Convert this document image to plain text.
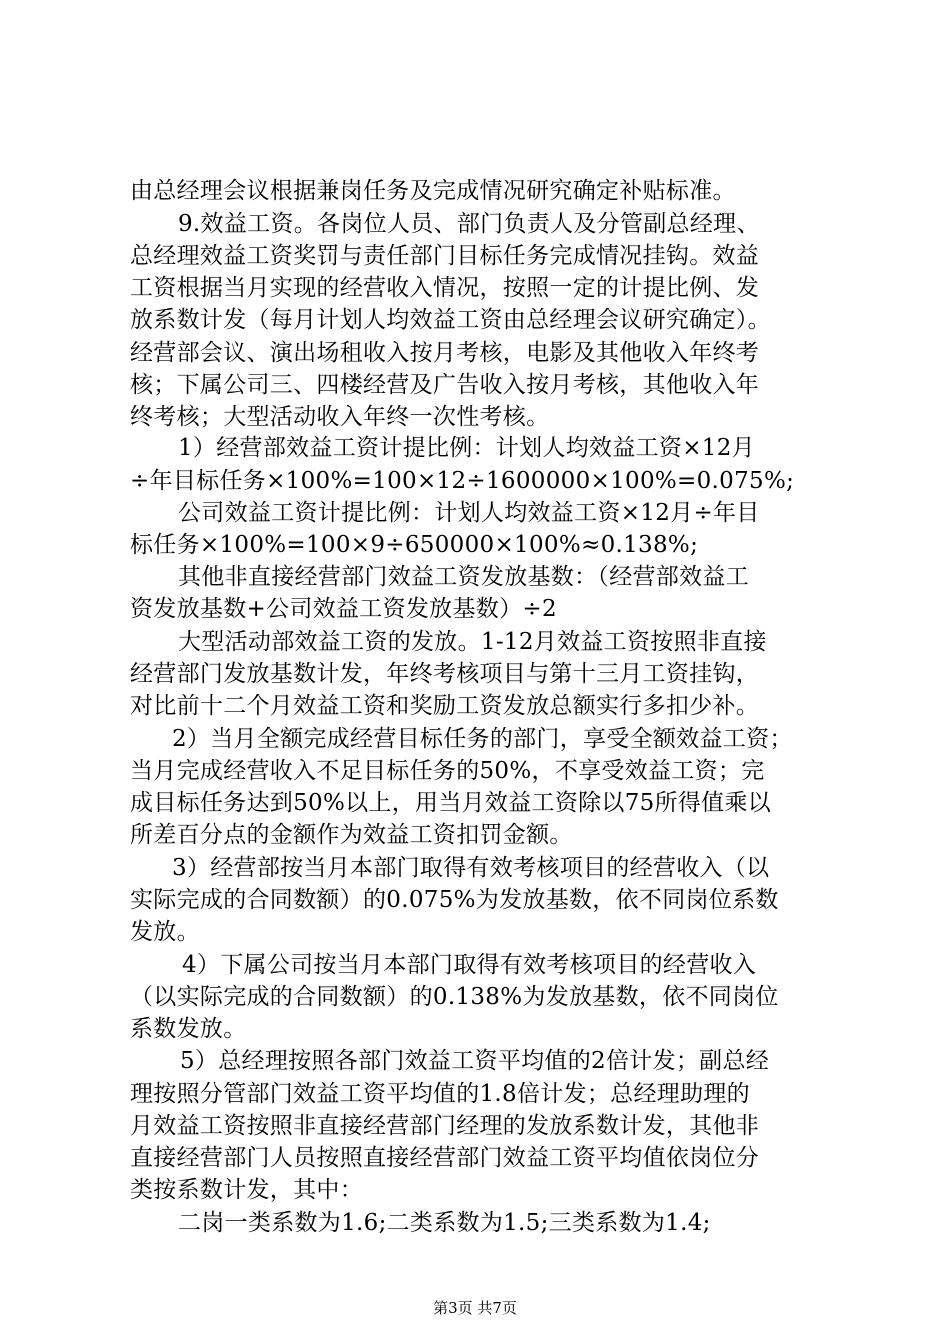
由总经理会议根据兼岗任务及完成情况研究确定补贴标准。
9.效益工资。各岗位人员、部门负责人及分管副总经理、
总经理效益工资奖罚与责任部门目标任务完成情况挂钩。效益
工资根据当月实现的经营收入情况，按照一定的计提比例、发
放系数计发（每月计划人均效益工资由总经理会议研究确定）。
经营部会议、演出场租收入按月考核，电影及其他收入年终考
核；下属公司三、四楼经营及广告收入按月考核，其他收入年
终考核；大型活动收入年终一次性考核。
1）经营部效益工资计提比例：计划人均效益工资×12月
÷年目标任务×100%=100×12÷1600000×100%=0.075%;
公司效益工资计提比例：计划人均效益工资×12月÷年目
标任务×100%=100×9÷650000×100%≈0.138%;
其他非直接经营部门效益工资发放基数：（经营部效益工
资发放基数+公司效益工资发放基数）÷2
大型活动部效益工资的发放。1-12月效益工资按照非直接
经营部门发放基数计发，年终考核项目与第十三月工资挂钩，
对比前十二个月效益工资和奖励工资发放总额实行多扣少补。
2）当月全额完成经营目标任务的部门，享受全额效益工资；
当月完成经营收入不足目标任务的50%，不享受效益工资；完
成目标任务达到50%以上，用当月效益工资除以75所得值乘以
所差百分点的金额作为效益工资扣罚金额。
3）经营部按当月本部门取得有效考核项目的经营收入（以
实际完成的合同数额）的0.075%为发放基数，依不同岗位系数
发放。
4）下属公司按当月本部门取得有效考核项目的经营收入
（以实际完成的合同数额）的0.138%为发放基数，依不同岗位
系数发放。
5）总经理按照各部门效益工资平均值的2倍计发；副总经
理按照分管部门效益工资平均值的1.8倍计发；总经理助理的
月效益工资按照非直接经营部门经理的发放系数计发，其他非
直接经营部门人员按照直接经营部门效益工资平均值依岗位分
类按系数计发，其中：
二岗一类系数为1.6;二类系数为1.5;三类系数为1.4;
第3页 共7页
